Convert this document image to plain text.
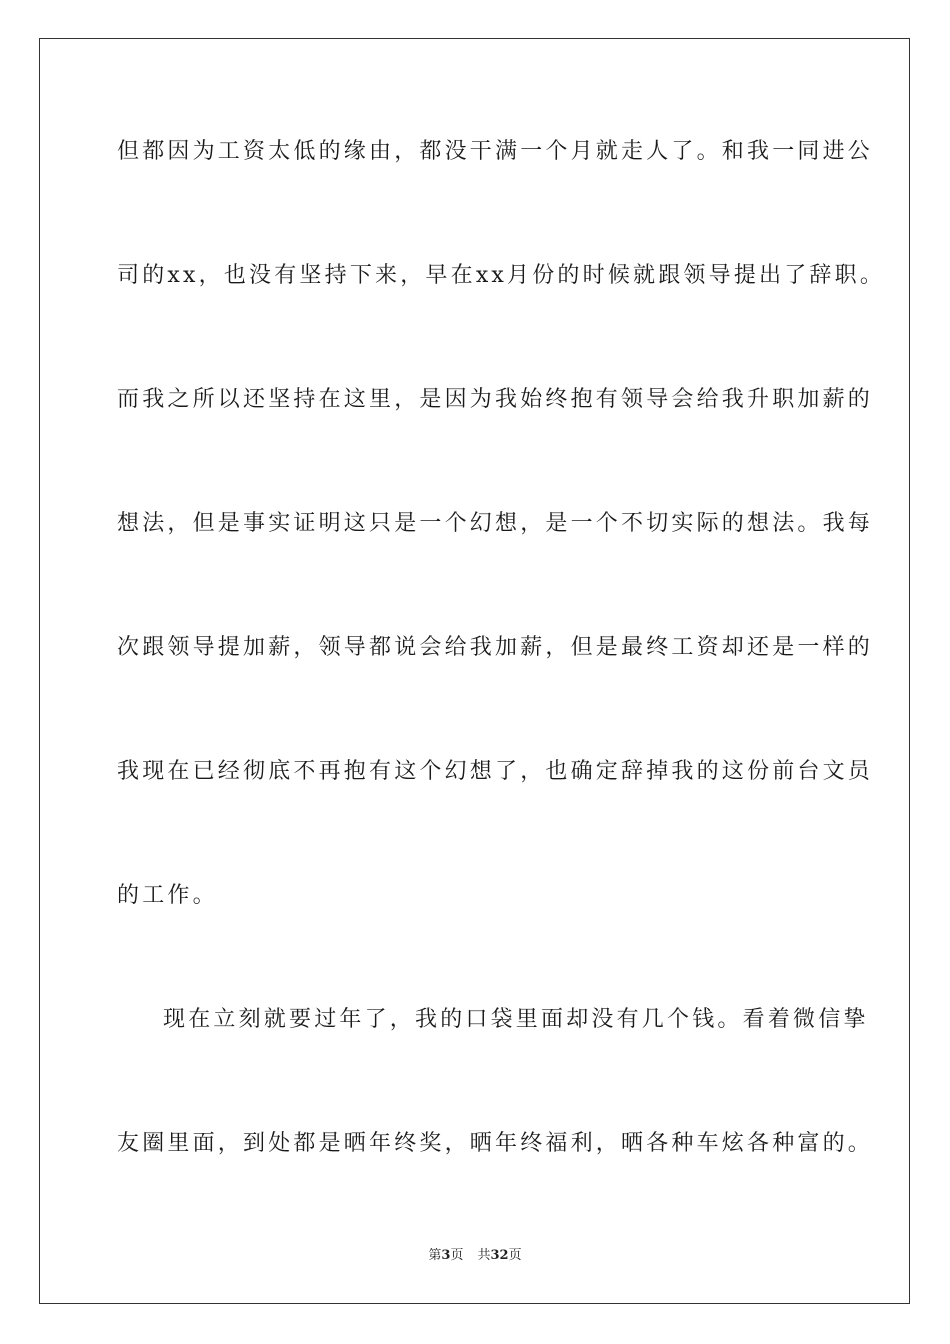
但都因为工资太低的缘由，都没干满一个月就走人了。和我一同进公
司的xx，也没有坚持下来，早在xx月份的时候就跟领导提出了辞职。
而我之所以还坚持在这里，是因为我始终抱有领导会给我升职加薪的
想法，但是事实证明这只是一个幻想，是一个不切实际的想法。我每
次跟领导提加薪，领导都说会给我加薪，但是最终工资却还是一样的
我现在已经彻底不再抱有这个幻想了，也确定辞掉我的这份前台文员
的工作。
现在立刻就要过年了，我的口袋里面却没有几个钱。看着微信挚
友圈里面，到处都是晒年终奖，晒年终福利，晒各种车炫各种富的。
第3页 共32页
